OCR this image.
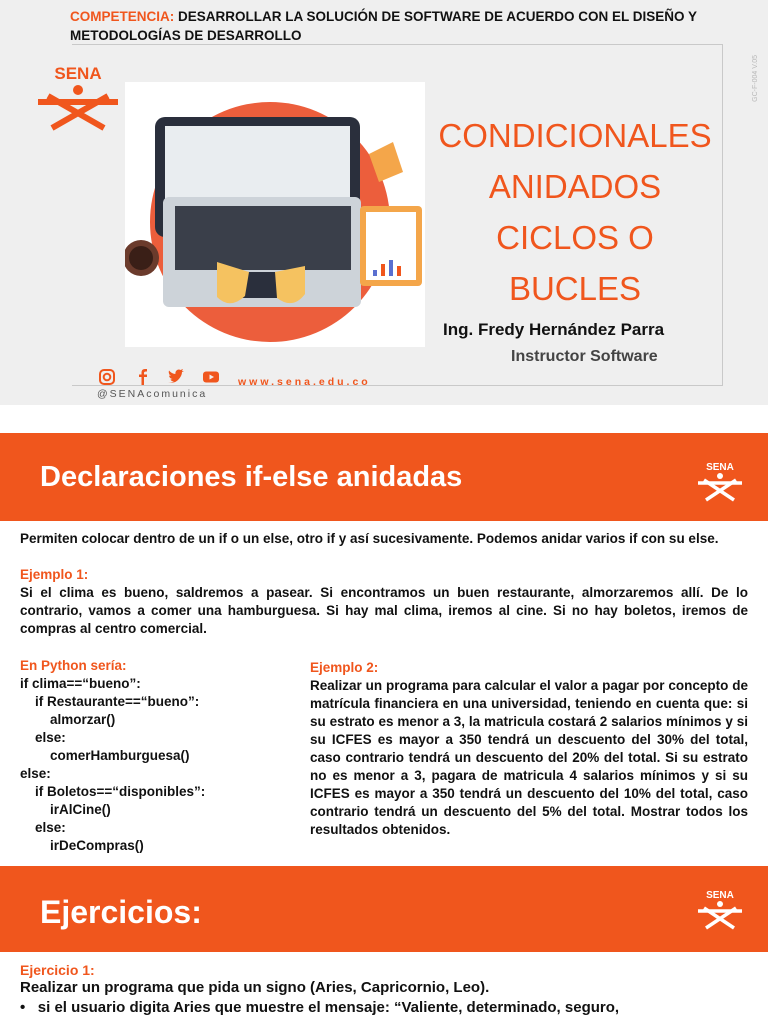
COMPETENCIA: DESARROLLAR LA SOLUCIÓN DE SOFTWARE DE ACUERDO CON EL DISEÑO Y METODOLOGÍAS DE DESARROLLO
SENA
CONDICIONALES
ANIDADOS
CICLOS O
BUCLES
Ing. Fredy Hernández Parra
Instructor Software
@SENAcomunica
www.sena.edu.co
GC-F-004 V.05
Declaraciones if-else anidadas	SENA
Permiten colocar dentro de un if o un else, otro if y así sucesivamente. Podemos anidar varios if con su else.
Ejemplo 1:
Si el clima es bueno, saldremos a pasear. Si encontramos un buen restaurante, almorzaremos allí. De lo contrario, vamos a comer una hamburguesa. Si hay mal clima, iremos al cine. Si no hay boletos, iremos de compras al centro comercial.
En Python sería:
if clima==“bueno”:
if Restaurante==“bueno”:
almorzar()
else:
comerHamburguesa()
else:
if Boletos==“disponibles”:
irAlCine()
else:
irDeCompras()
Ejemplo 2:
Realizar un programa para calcular el valor a pagar por concepto de matrícula financiera en una universidad, teniendo en cuenta que: si su estrato es menor a 3, la matricula costará 2 salarios mínimos y si su ICFES es mayor a 350 tendrá un descuento del 30% del total, caso contrario tendrá un descuento del 20% del total. Si su estrato no es menor a 3, pagara de matricula 4 salarios mínimos y si su ICFES es mayor a 350 tendrá un descuento del 10% del total, caso contrario tendrá un descuento del 5% del total. Mostrar todos los resultados obtenidos.
Ejercicios:	SENA
Ejercicio 1:
Realizar un programa que pida un signo (Aries, Capricornio, Leo).
•   si el usuario digita Aries que muestre el mensaje: “Valiente, determinado, seguro,
